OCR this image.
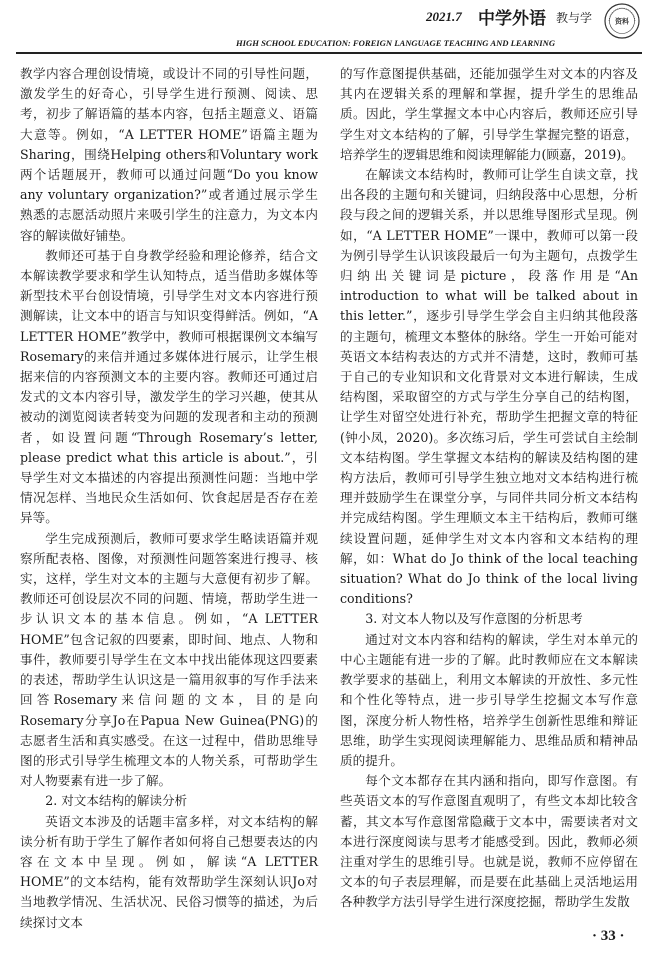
2021.7 中学外语 教与学	资料
HIGH SCHOOL EDUCATION: FOREIGN LANGUAGE TEACHING AND LEARNING

教学内容合理创设情境，或设计不同的引导性问题，激发学生的好奇心，引导学生进行预测、阅读、思考，初步了解语篇的基本内容，包括主题意义、语篇大意等。例如，“A LETTER HOME”语篇主题为Sharing，围绕Helping others和Voluntary work两个话题展开，教师可以通过问题“Do you know any voluntary organization?”或者通过展示学生熟悉的志愿活动照片来吸引学生的注意力，为文本内容的解读做好铺垫。

教师还可基于自身教学经验和理论修养，结合文本解读教学要求和学生认知特点，适当借助多媒体等新型技术平台创设情境，引导学生对文本内容进行预测解读，让文本中的语言与知识变得鲜活。例如，“A LETTER HOME”教学中，教师可根据课例文本编写Rosemary的来信并通过多媒体进行展示，让学生根据来信的内容预测文本的主要内容。教师还可通过启发式的文本内容引导，激发学生的学习兴趣，使其从被动的浏览阅读者转变为问题的发现者和主动的预测者，如设置问题“Through Rosemary’s letter, please predict what this article is about.”，引导学生对文本描述的内容提出预测性问题：当地中学情况怎样、当地民众生活如何、饮食起居是否存在差异等。

学生完成预测后，教师可要求学生略读语篇并观察所配表格、图像，对预测性问题答案进行搜寻、核实，这样，学生对文本的主题与大意便有初步了解。教师还可创设层次不同的问题、情境，帮助学生进一步认识文本的基本信息。例如，“A LETTER HOME”包含记叙的四要素，即时间、地点、人物和事件，教师要引导学生在文本中找出能体现这四要素的表述，帮助学生认识这是一篇用叙事的写作手法来回答Rosemary来信问题的文本，目的是向Rosemary分享Jo在Papua New Guinea(PNG)的志愿者生活和真实感受。在这一过程中，借助思维导图的形式引导学生梳理文本的人物关系，可帮助学生对人物要素有进一步了解。

2. 对文本结构的解读分析

英语文本涉及的话题丰富多样，对文本结构的解读分析有助于学生了解作者如何将自己想要表达的内容在文本中呈现。例如，解读“A LETTER HOME”的文本结构，能有效帮助学生深刻认识Jo对当地教学情况、生活状况、民俗习惯等的描述，为后续探讨文本

的写作意图提供基础，还能加强学生对文本的内容及其内在逻辑关系的理解和掌握，提升学生的思维品质。因此，学生掌握文本中心内容后，教师还应引导学生对文本结构的了解，引导学生掌握完整的语意，培养学生的逻辑思维和阅读理解能力(顾嘉，2019)。

在解读文本结构时，教师可让学生自读文章，找出各段的主题句和关键词，归纳段落中心思想，分析段与段之间的逻辑关系，并以思维导图形式呈现。例如，“A LETTER HOME”一课中，教师可以第一段为例引导学生认识该段最后一句为主题句，点拨学生归纳出关键词是picture，段落作用是“An introduction to what will be talked about in this letter.”，逐步引导学生学会自主归纳其他段落的主题句，梳理文本整体的脉络。学生一开始可能对英语文本结构表达的方式并不清楚，这时，教师可基于自己的专业知识和文化背景对文本进行解读，生成结构图，采取留空的方式与学生分享自己的结构图，让学生对留空处进行补充，帮助学生把握文章的特征(钟小凤，2020)。多次练习后，学生可尝试自主绘制文本结构图。学生掌握文本结构的解读及结构图的建构方法后，教师可引导学生独立地对文本结构进行梳理并鼓励学生在课堂分享，与同伴共同分析文本结构并完成结构图。学生理顺文本主干结构后，教师可继续设置问题，延伸学生对文本内容和文本结构的理解，如：What do Jo think of the local teaching situation? What do Jo think of the local living conditions?

3. 对文本人物以及写作意图的分析思考

通过对文本内容和结构的解读，学生对本单元的中心主题能有进一步的了解。此时教师应在文本解读教学要求的基础上，利用文本解读的开放性、多元性和个性化等特点，进一步引导学生挖掘文本写作意图，深度分析人物性格，培养学生创新性思维和辩证思维，助学生实现阅读理解能力、思维品质和精神品质的提升。

每个文本都存在其内涵和指向，即写作意图。有些英语文本的写作意图直观明了，有些文本却比较含蓄，其文本写作意图常隐藏于文本中，需要读者对文本进行深度阅读与思考才能感受到。因此，教师必须注重对学生的思维引导。也就是说，教师不应停留在文本的句子表层理解，而是要在此基础上灵活地运用各种教学方法引导学生进行深度挖掘，帮助学生发散

· 33 ·
